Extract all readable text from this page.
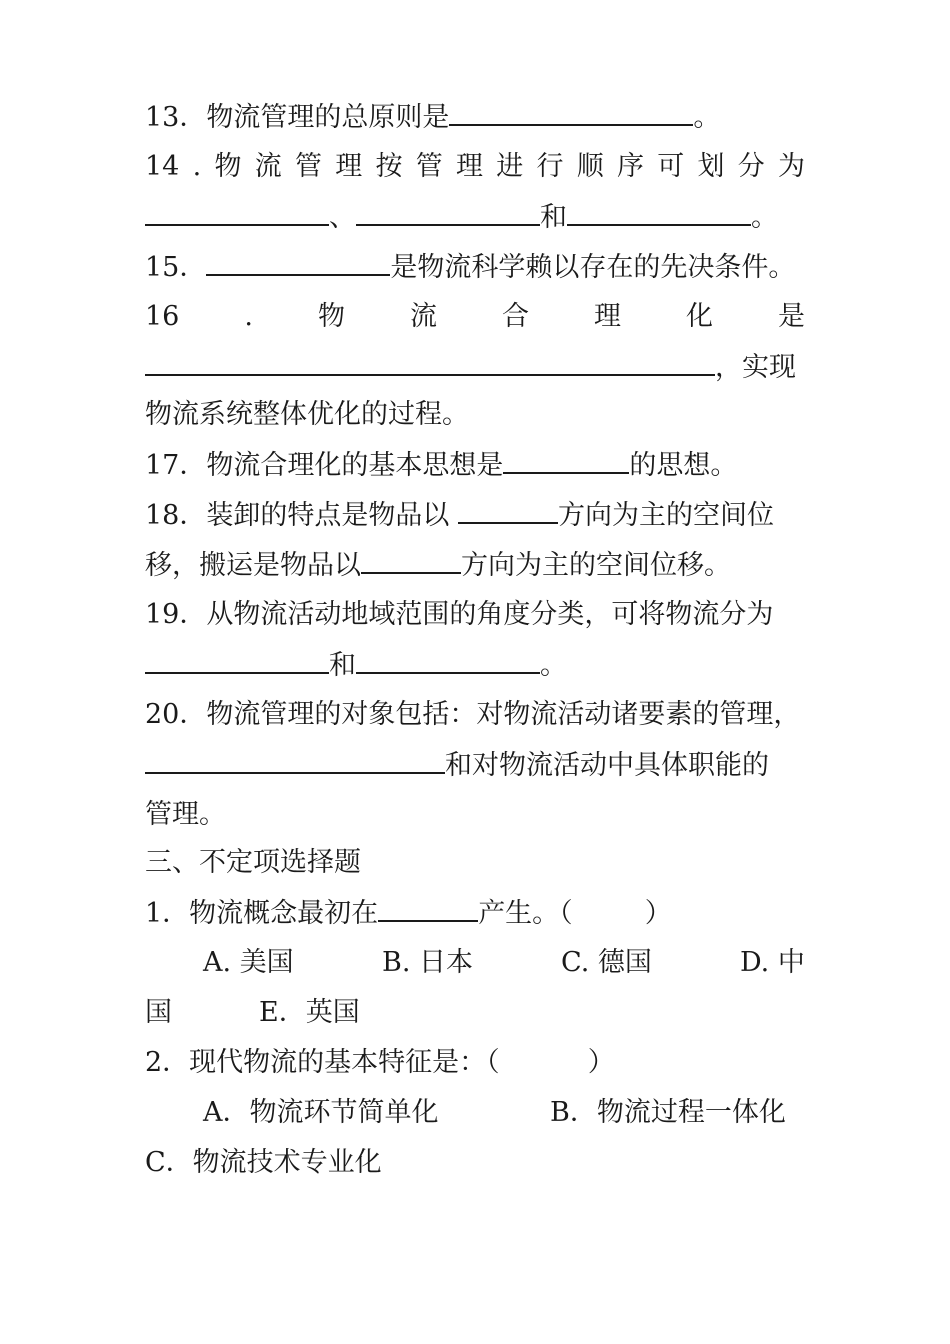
13．物流管理的总原则是	。
14 . 物 流 管 理 按 管 理 进 行 顺 序 可 划 分 为
、	和	。
15．	是物流科学赖以存在的先决条件。
16 . 物 流 合 理 化 是
，实现
物流系统整体优化的过程。
17．物流合理化的基本思想是	的思想。
18．装卸的特点是物品以	方向为主的空间位
移，搬运是物品以	方向为主的空间位移。
19．从物流活动地域范围的角度分类，可将物流分为
和	。
20．物流管理的对象包括：对物流活动诸要素的管理，
和对物流活动中具体职能的
管理。
三、不定项选择题
1．物流概念最初在	产生。（	）
A. 美国	B. 日本	C. 德国	D. 中
国	E．英国
2．现代物流的基本特征是：（	）
A．物流环节简单化	B．物流过程一体化
C．物流技术专业化
